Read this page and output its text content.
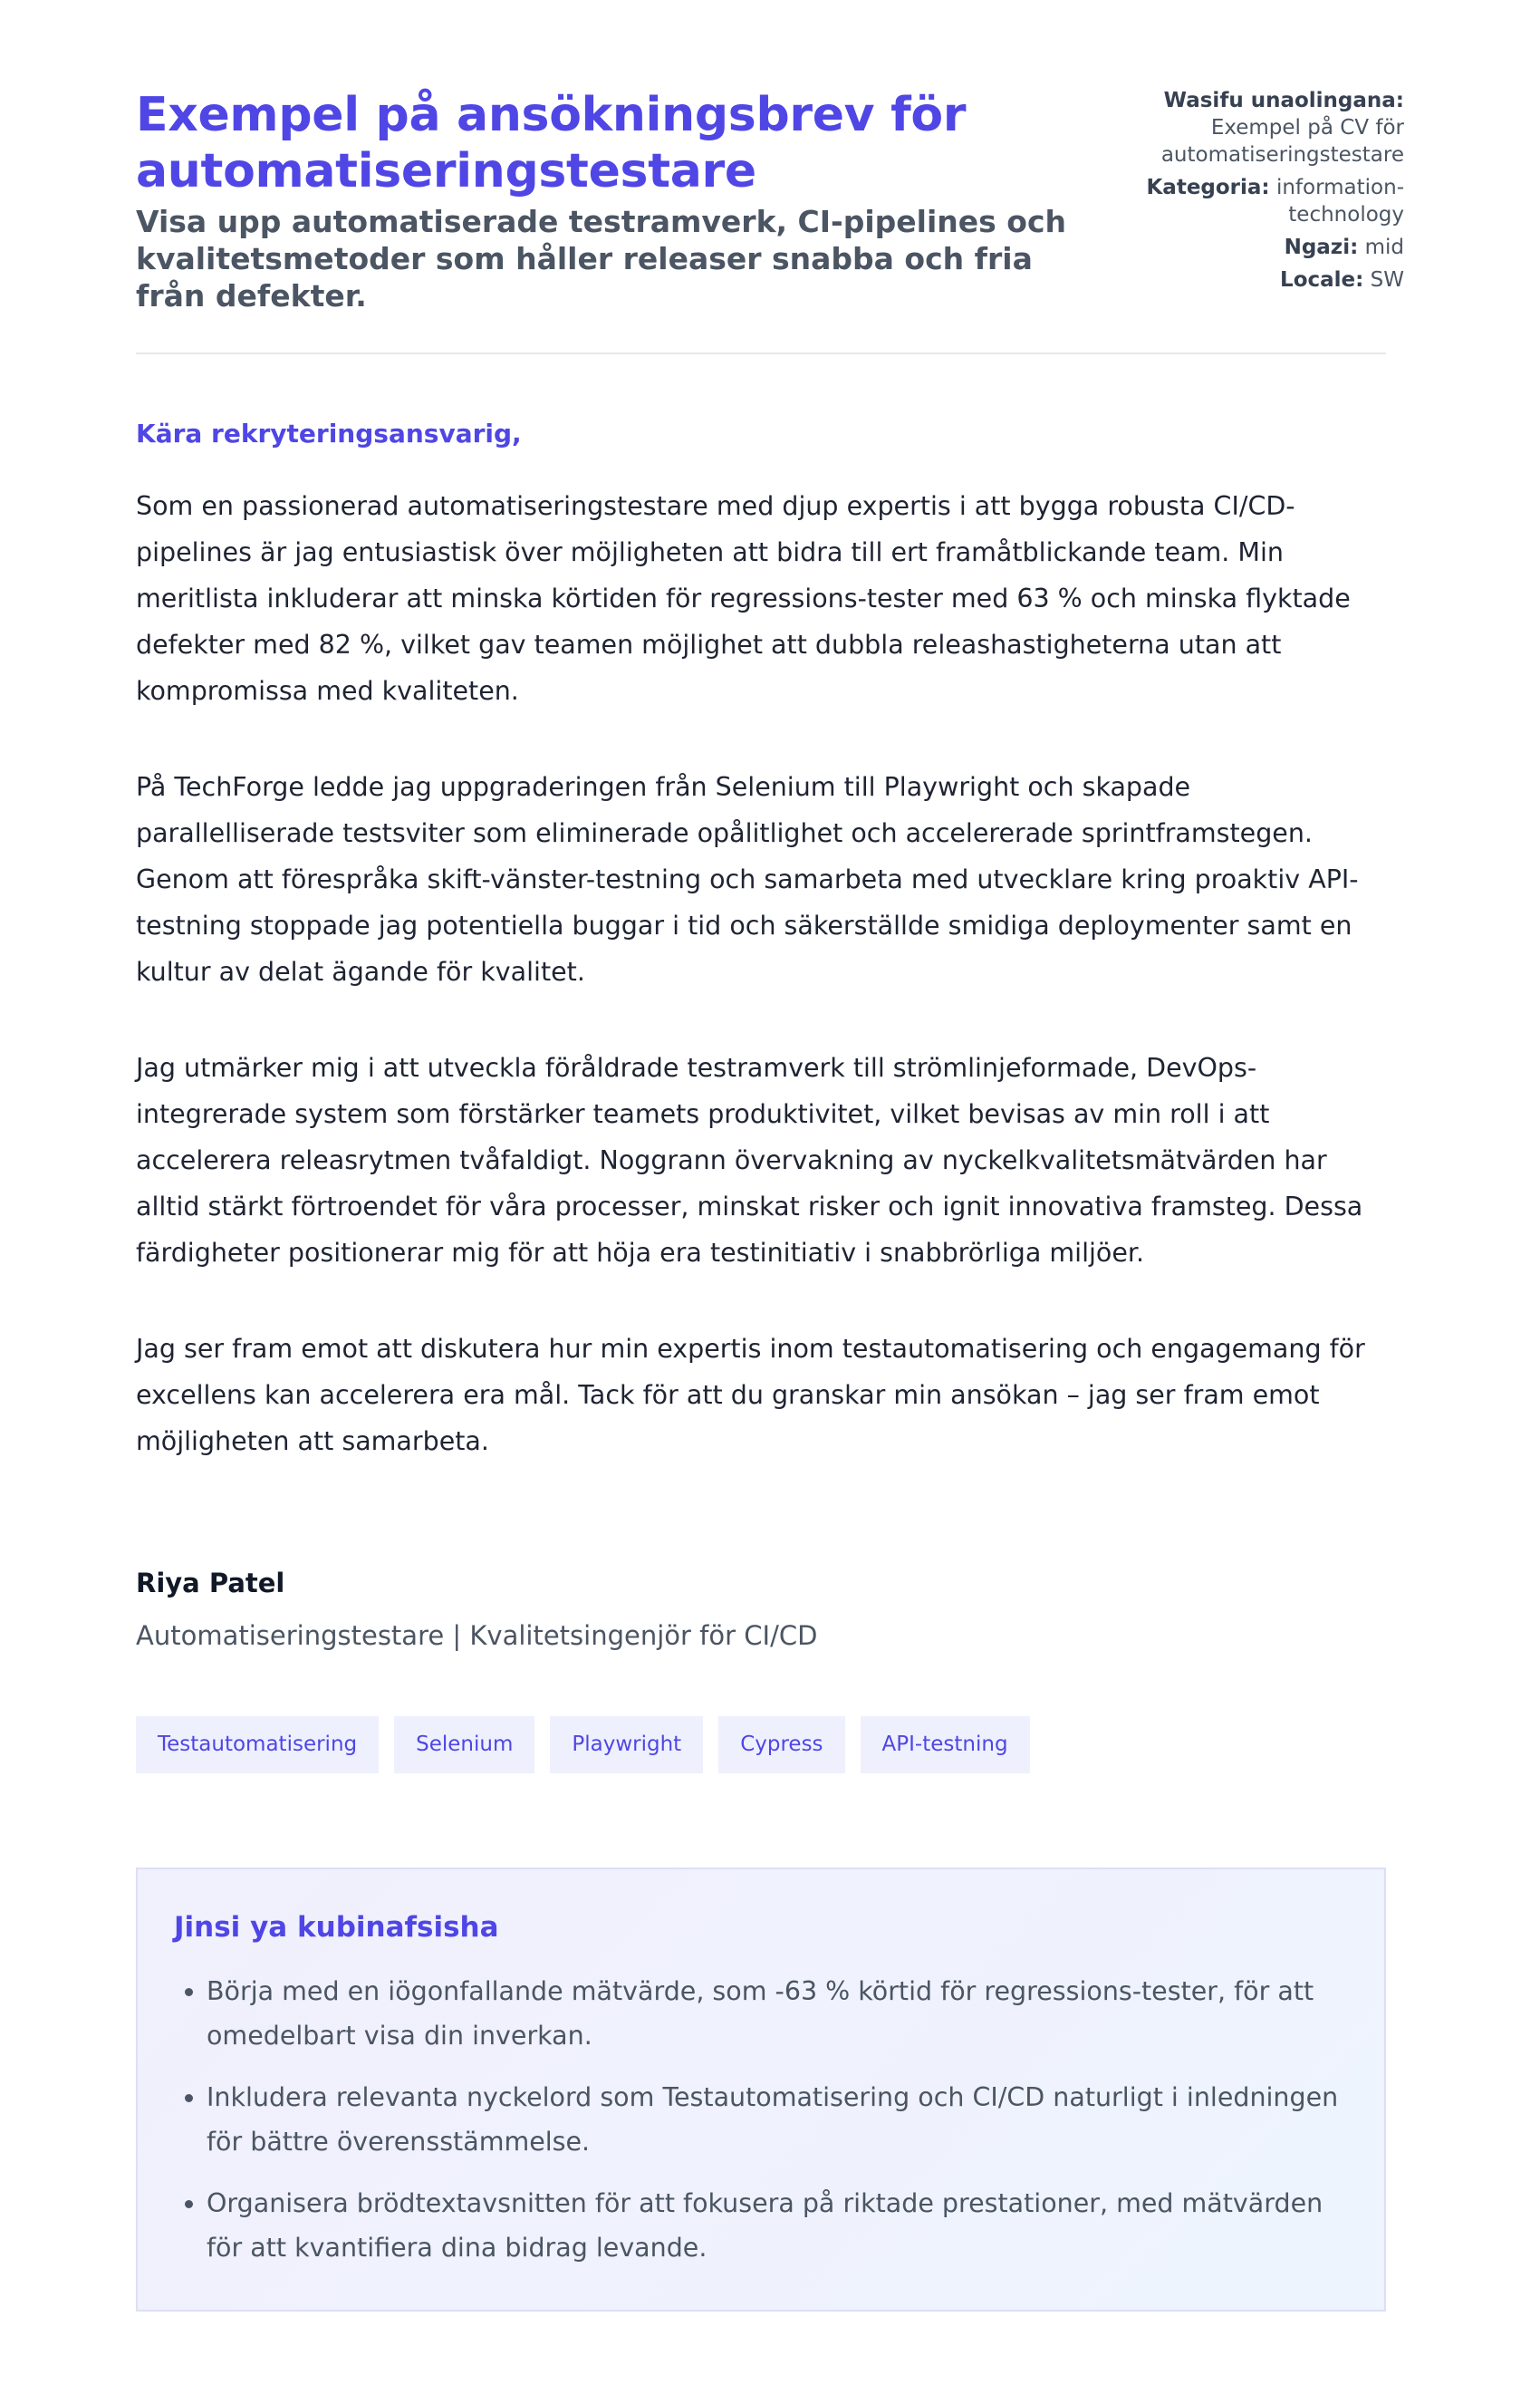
Exempel på ansökningsbrev för automatiseringstestare
Visa upp automatiserade testramverk, CI-pipelines och kvalitetsmetoder som håller releaser snabba och fria från defekter.
Wasifu unaolingana:
Exempel på CV för automatiseringstestare
Kategoria: information-technology
Ngazi: mid
Locale: SW
Kära rekryteringsansvarig,

Som en passionerad automatiseringstestare med djup expertis i att bygga robusta CI/CD-pipelines är jag entusiastisk över möjligheten att bidra till ert framåtblickande team. Min meritlista inkluderar att minska körtiden för regressions-tester med 63 % och minska flyktade defekter med 82 %, vilket gav teamen möjlighet att dubbla releashastigheterna utan att kompromissa med kvaliteten.

På TechForge ledde jag uppgraderingen från Selenium till Playwright och skapade parallelliserade testsviter som eliminerade opålitlighet och accelererade sprintframstegen. Genom att förespråka skift-vänster-testning och samarbeta med utvecklare kring proaktiv API-testning stoppade jag potentiella buggar i tid och säkerställde smidiga deploymenter samt en kultur av delat ägande för kvalitet.

Jag utmärker mig i att utveckla föråldrade testramverk till strömlinjeformade, DevOps-integrerade system som förstärker teamets produktivitet, vilket bevisas av min roll i att accelerera releasrytmen tvåfaldigt. Noggrann övervakning av nyckelkvalitetsmätvärden har alltid stärkt förtroendet för våra processer, minskat risker och ignit innovativa framsteg. Dessa färdigheter positionerar mig för att höja era testinitiativ i snabbrörliga miljöer.

Jag ser fram emot att diskutera hur min expertis inom testautomatisering och engagemang för excellens kan accelerera era mål. Tack för att du granskar min ansökan – jag ser fram emot möjligheten att samarbeta.

Riya Patel
Automatiseringstestare | Kvalitetsingenjör för CI/CD
Testautomatisering	Selenium	Playwright	Cypress	API-testning
Jinsi ya kubinafsisha
• Börja med en iögonfallande mätvärde, som -63 % körtid för regressions-tester, för att omedelbart visa din inverkan.
• Inkludera relevanta nyckelord som Testautomatisering och CI/CD naturligt i inledningen för bättre överensstämmelse.
• Organisera brödtextavsnitten för att fokusera på riktade prestationer, med mätvärden för att kvantifiera dina bidrag levande.
